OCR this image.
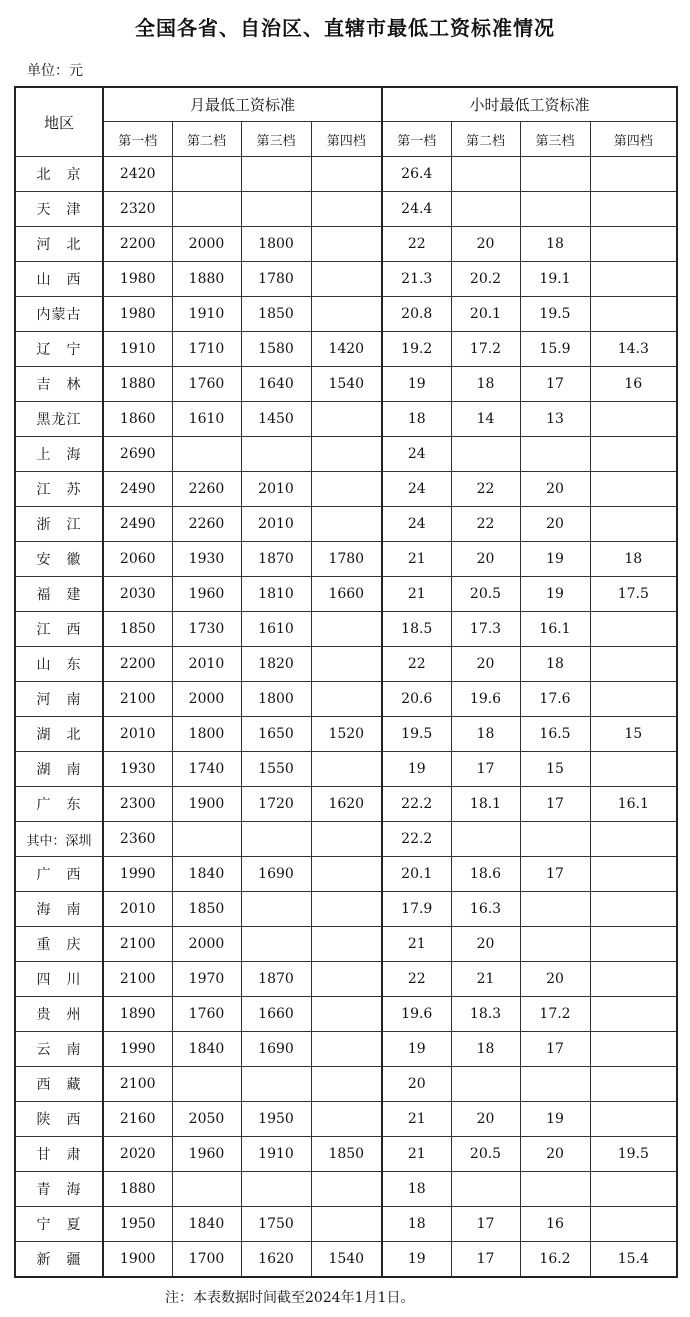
全国各省、自治区、直辖市最低工资标准情况
单位：元
地区	月最低工资标准				小时最低工资标准			
	第一档	第二档	第三档	第四档	第一档	第二档	第三档	第四档
北　京	2420				26.4			
天　津	2320				24.4			
河　北	2200	2000	1800		22	20	18	
山　西	1980	1880	1780		21.3	20.2	19.1	
内蒙古	1980	1910	1850		20.8	20.1	19.5	
辽　宁	1910	1710	1580	1420	19.2	17.2	15.9	14.3
吉　林	1880	1760	1640	1540	19	18	17	16
黑龙江	1860	1610	1450		18	14	13	
上　海	2690				24			
江　苏	2490	2260	2010		24	22	20	
浙　江	2490	2260	2010		24	22	20	
安　徽	2060	1930	1870	1780	21	20	19	18
福　建	2030	1960	1810	1660	21	20.5	19	17.5
江　西	1850	1730	1610		18.5	17.3	16.1	
山　东	2200	2010	1820		22	20	18	
河　南	2100	2000	1800		20.6	19.6	17.6	
湖　北	2010	1800	1650	1520	19.5	18	16.5	15
湖　南	1930	1740	1550		19	17	15	
广　东	2300	1900	1720	1620	22.2	18.1	17	16.1
其中：深圳	2360				22.2			
广　西	1990	1840	1690		20.1	18.6	17	
海　南	2010	1850			17.9	16.3		
重　庆	2100	2000			21	20		
四　川	2100	1970	1870		22	21	20	
贵　州	1890	1760	1660		19.6	18.3	17.2	
云　南	1990	1840	1690		19	18	17	
西　藏	2100				20			
陕　西	2160	2050	1950		21	20	19	
甘　肃	2020	1960	1910	1850	21	20.5	20	19.5
青　海	1880				18			
宁　夏	1950	1840	1750		18	17	16	
新　疆	1900	1700	1620	1540	19	17	16.2	15.4
注：本表数据时间截至2024年1月1日。
